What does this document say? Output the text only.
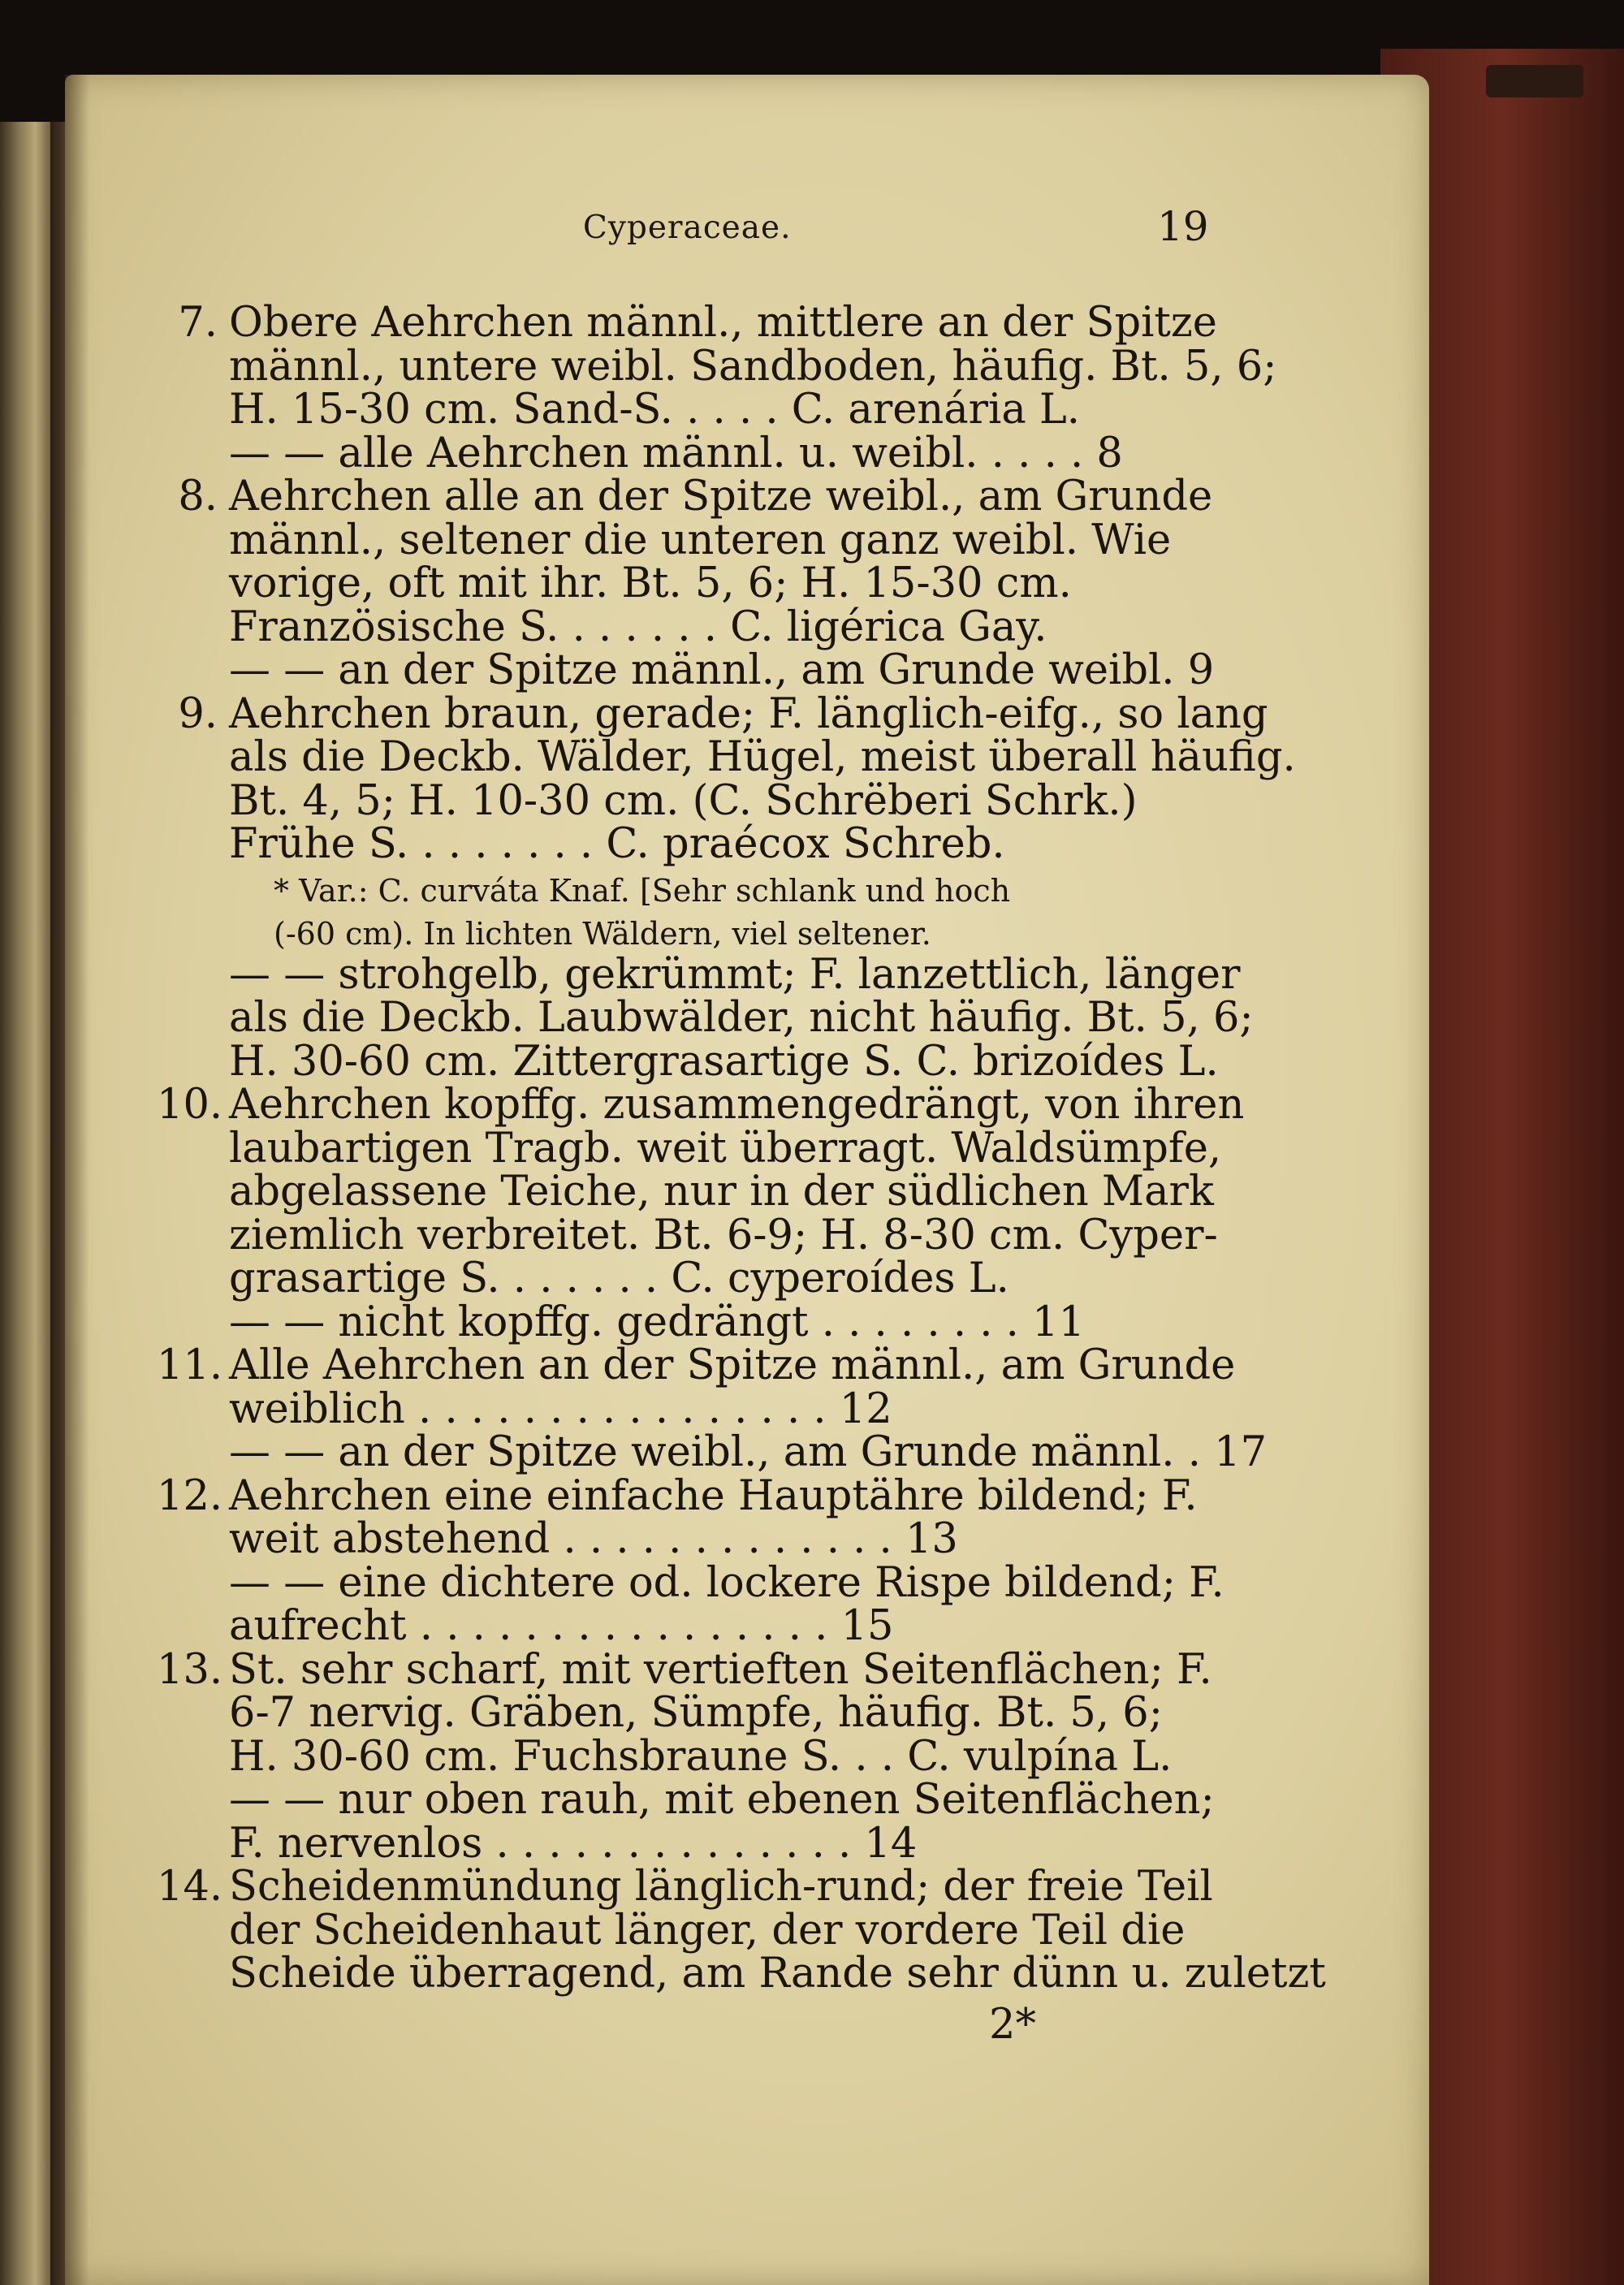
Cyperaceae.	19
7. Obere Aehrchen männl., mittlere an der Spitze
männl., untere weibl. Sandboden, häufig. Bt. 5, 6;
H. 15-30 cm. Sand-S. . . . . C. arenária L.
— — alle Aehrchen männl. u. weibl. . . . . 8
8. Aehrchen alle an der Spitze weibl., am Grunde
männl., seltener die unteren ganz weibl. Wie
vorige, oft mit ihr. Bt. 5, 6; H. 15-30 cm.
Französische S. . . . . . . C. ligérica Gay.
— — an der Spitze männl., am Grunde weibl. 9
9. Aehrchen braun, gerade; F. länglich-eifg., so lang
als die Deckb. Wälder, Hügel, meist überall häufig.
Bt. 4, 5; H. 10-30 cm. (C. Schrëberi Schrk.)
Frühe S. . . . . . . . C. praécox Schreb.
* Var.: C. curváta Knaf. [Sehr schlank und hoch
(-60 cm). In lichten Wäldern, viel seltener.
— — strohgelb, gekrümmt; F. lanzettlich, länger
als die Deckb. Laubwälder, nicht häufig. Bt. 5, 6;
H. 30-60 cm. Zittergrasartige S. C. brizoídes L.
10. Aehrchen kopffg. zusammengedrängt, von ihren
laubartigen Tragb. weit überragt. Waldsümpfe,
abgelassene Teiche, nur in der südlichen Mark
ziemlich verbreitet. Bt. 6-9; H. 8-30 cm. Cyper-
grasartige S. . . . . . . C. cyperoídes L.
— — nicht kopffg. gedrängt . . . . . . . . 11
11. Alle Aehrchen an der Spitze männl., am Grunde
weiblich . . . . . . . . . . . . . . . . 12
— — an der Spitze weibl., am Grunde männl. . 17
12. Aehrchen eine einfache Hauptähre bildend; F.
weit abstehend . . . . . . . . . . . . . 13
— — eine dichtere od. lockere Rispe bildend; F.
aufrecht . . . . . . . . . . . . . . . . 15
13. St. sehr scharf, mit vertieften Seitenflächen; F.
6-7 nervig. Gräben, Sümpfe, häufig. Bt. 5, 6;
H. 30-60 cm. Fuchsbraune S. . . C. vulpína L.
— — nur oben rauh, mit ebenen Seitenflächen;
F. nervenlos . . . . . . . . . . . . . . 14
14. Scheidenmündung länglich-rund; der freie Teil
der Scheidenhaut länger, der vordere Teil die
Scheide überragend, am Rande sehr dünn u. zuletzt
2*
